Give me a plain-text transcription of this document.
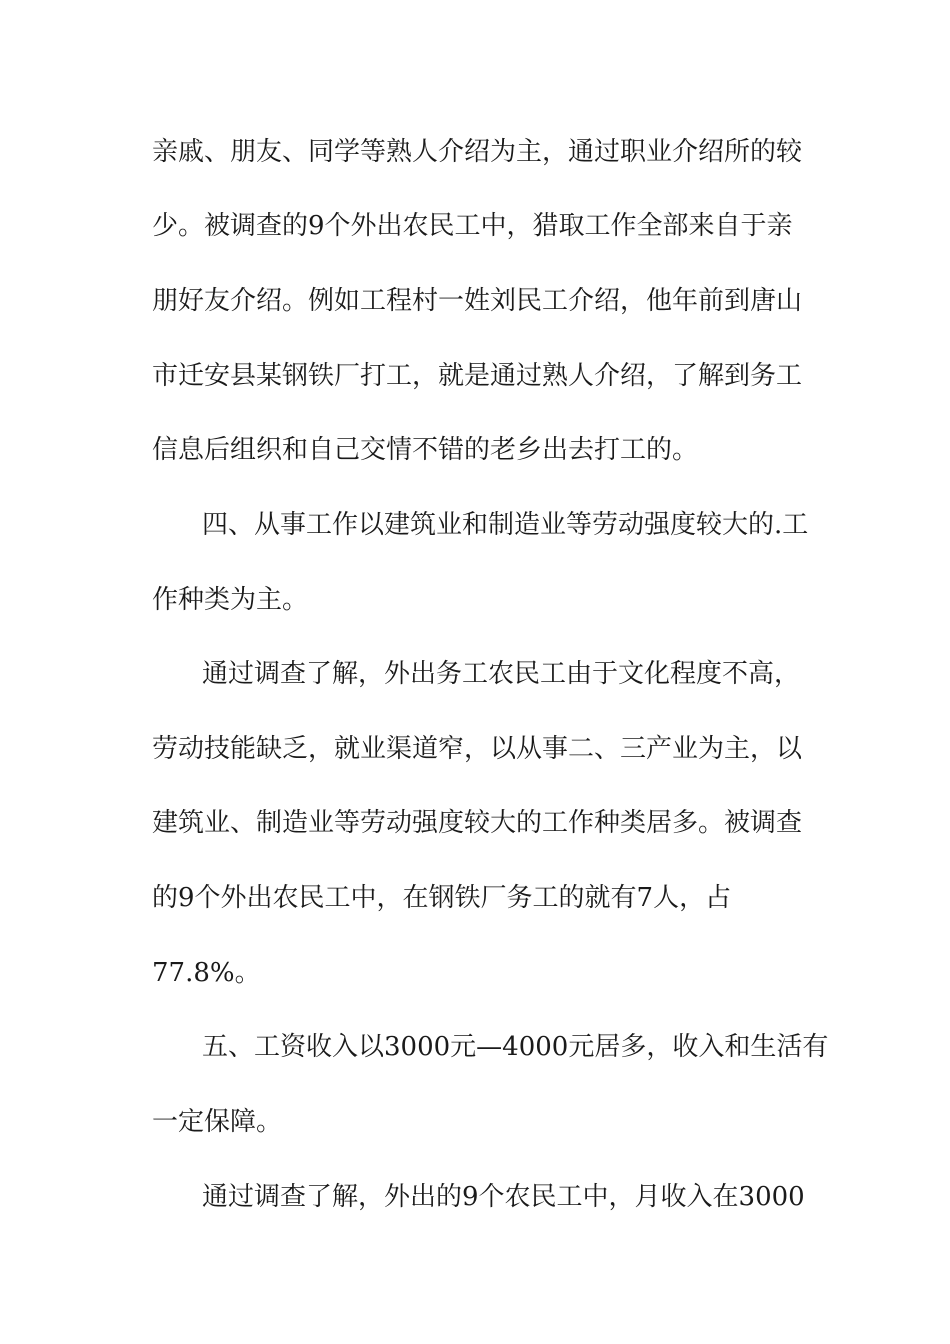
亲戚、朋友、同学等熟人介绍为主，通过职业介绍所的较

少。被调查的9个外出农民工中，猎取工作全部来自于亲

朋好友介绍。例如工程村一姓刘民工介绍，他年前到唐山

市迁安县某钢铁厂打工，就是通过熟人介绍，了解到务工

信息后组织和自己交情不错的老乡出去打工的。

四、从事工作以建筑业和制造业等劳动强度较大的.工

作种类为主。

通过调查了解，外出务工农民工由于文化程度不高，

劳动技能缺乏，就业渠道窄，以从事二、三产业为主，以

建筑业、制造业等劳动强度较大的工作种类居多。被调查

的9个外出农民工中，在钢铁厂务工的就有7人，占

77.8%。

五、工资收入以3000元—4000元居多，收入和生活有

一定保障。

通过调查了解，外出的9个农民工中，月收入在3000
